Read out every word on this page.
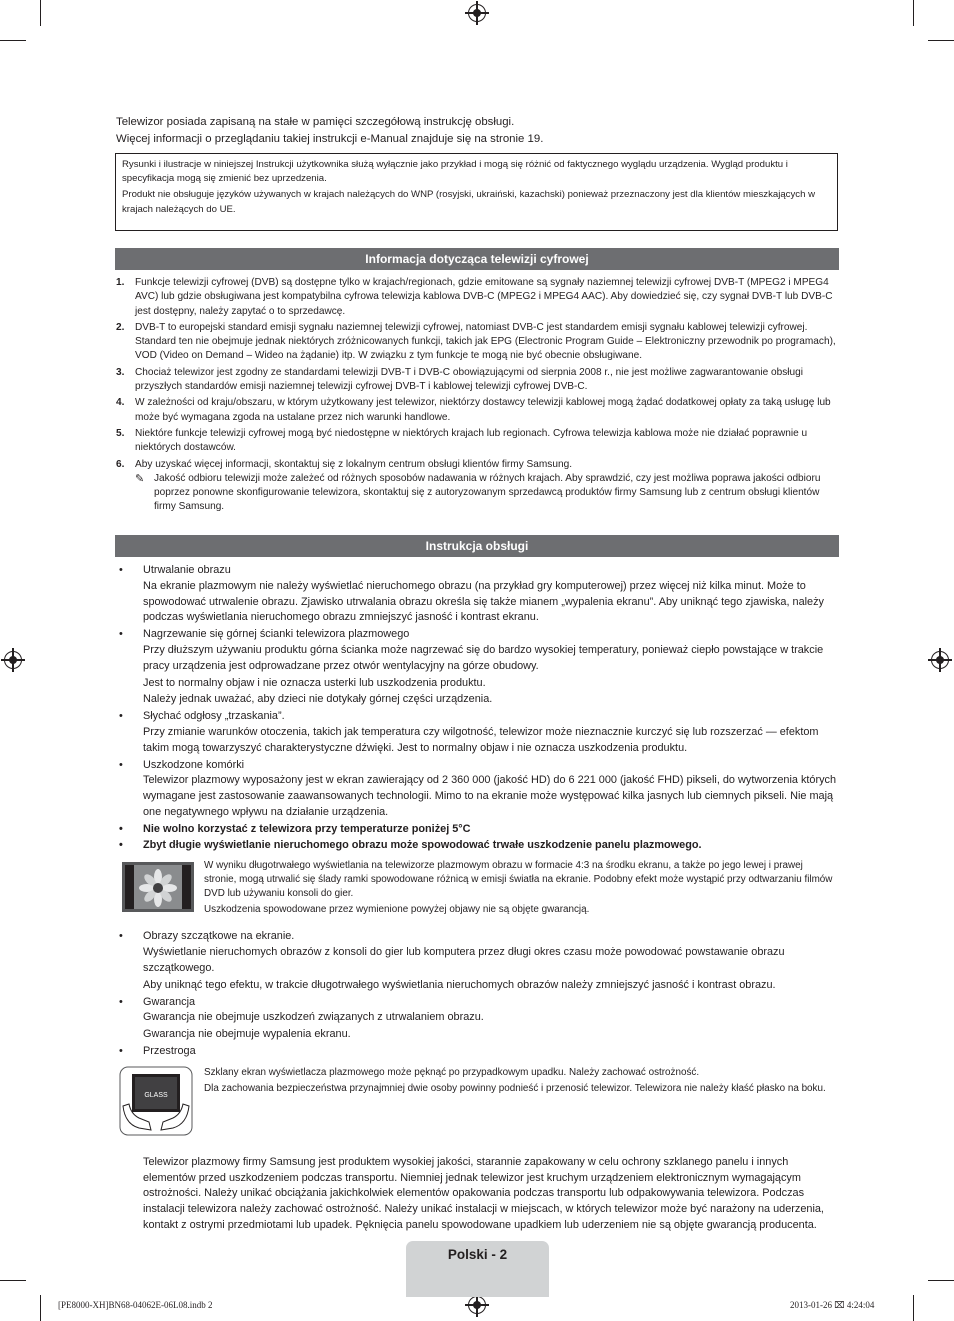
Telewizor posiada zapisaną na stałe w pamięci szczegółową instrukcję obsługi.
Więcej informacji o przeglądaniu takiej instrukcji e-Manual znajduje się na stronie 19.

Rysunki i ilustracje w niniejszej Instrukcji użytkownika służą wyłącznie jako przykład i mogą się różnić od faktycznego wyglądu urządzenia. Wygląd produktu i specyfikacja mogą się zmienić bez uprzedzenia.

Produkt nie obsługuje języków używanych w krajach należących do WNP (rosyjski, ukraiński, kazachski) ponieważ przeznaczony jest dla klientów mieszkających w krajach należących do UE.

Informacja dotycząca telewizji cyfrowej
1.	Funkcje telewizji cyfrowej (DVB) są dostępne tylko w krajach/regionach, gdzie emitowane są sygnały naziemnej telewizji cyfrowej DVB-T (MPEG2 i MPEG4 AVC) lub gdzie obsługiwana jest kompatybilna cyfrowa telewizja kablowa DVB-C (MPEG2 i MPEG4 AAC). Aby dowiedzieć się, czy sygnał DVB-T lub DVB-C jest dostępny, należy zapytać o to sprzedawcę.
2.	DVB-T to europejski standard emisji sygnału naziemnej telewizji cyfrowej, natomiast DVB-C jest standardem emisji sygnału kablowej telewizji cyfrowej. Standard ten nie obejmuje jednak niektórych zróżnicowanych funkcji, takich jak EPG (Electronic Program Guide – Elektroniczny przewodnik po programach), VOD (Video on Demand – Wideo na żądanie) itp. W związku z tym funkcje te mogą nie być obecnie obsługiwane.
3.	Chociaż telewizor jest zgodny ze standardami telewizji DVB-T i DVB-C obowiązującymi od sierpnia 2008 r., nie jest możliwe zagwarantowanie obsługi przyszłych standardów emisji naziemnej telewizji cyfrowej DVB-T i kablowej telewizji cyfrowej DVB-C.
4.	W zależności od kraju/obszaru, w którym użytkowany jest telewizor, niektórzy dostawcy telewizji kablowej mogą żądać dodatkowej opłaty za taką usługę lub może być wymagana zgoda na ustalane przez nich warunki handlowe.
5.	Niektóre funkcje telewizji cyfrowej mogą być niedostępne w niektórych krajach lub regionach. Cyfrowa telewizja kablowa może nie działać poprawnie u niektórych dostawców.
6.	Aby uzyskać więcej informacji, skontaktuj się z lokalnym centrum obsługi klientów firmy Samsung.
✎ Jakość odbioru telewizji może zależeć od różnych sposobów nadawania w różnych krajach. Aby sprawdzić, czy jest możliwa poprawa jakości odbioru poprzez ponowne skonfigurowanie telewizora, skontaktuj się z autoryzowanym sprzedawcą produktów firmy Samsung lub z centrum obsługi klientów firmy Samsung.
Instrukcja obsługi
•	Utrwalanie obrazu

Na ekranie plazmowym nie należy wyświetlać nieruchomego obrazu (na przykład gry komputerowej) przez więcej niż kilka minut. Może to spowodować utrwalenie obrazu. Zjawisko utrwalania obrazu określa się także mianem „wypalenia ekranu”. Aby uniknąć tego zjawiska, należy podczas wyświetlania nieruchomego obrazu zmniejszyć jasność i kontrast ekranu.

•	Nagrzewanie się górnej ścianki telewizora plazmowego

Przy dłuższym używaniu produktu górna ścianka może nagrzewać się do bardzo wysokiej temperatury, ponieważ ciepło powstające w trakcie pracy urządzenia jest odprowadzane przez otwór wentylacyjny na górze obudowy.

Jest to normalny objaw i nie oznacza usterki lub uszkodzenia produktu.

Należy jednak uważać, aby dzieci nie dotykały górnej części urządzenia.

•	Słychać odgłosy „trzaskania”.

Przy zmianie warunków otoczenia, takich jak temperatura czy wilgotność, telewizor może nieznacznie kurczyć się lub rozszerzać — efektom takim mogą towarzyszyć charakterystyczne dźwięki. Jest to normalny objaw i nie oznacza uszkodzenia produktu.

•	Uszkodzone komórki

Telewizor plazmowy wyposażony jest w ekran zawierający od 2 360 000 (jakość HD) do 6 221 000 (jakość FHD) pikseli, do wytworzenia których wymagane jest zastosowanie zaawansowanych technologii. Mimo to na ekranie może występować kilka jasnych lub ciemnych pikseli. Nie mają one negatywnego wpływu na działanie urządzenia.

•	Nie wolno korzystać z telewizora przy temperaturze poniżej 5°C
•	Zbyt długie wyświetlanie nieruchomego obrazu może spowodować trwałe uszkodzenie panelu plazmowego.

W wyniku długotrwałego wyświetlania na telewizorze plazmowym obrazu w formacie 4:3 na środku ekranu, a także po jego lewej i prawej stronie, mogą utrwalić się ślady ramki spowodowane różnicą w emisji światła na ekranie. Podobny efekt może wystąpić przy odtwarzaniu filmów DVD lub używaniu konsoli do gier.

Uszkodzenia spowodowane przez wymienione powyżej objawy nie są objęte gwarancją.

•	Obrazy szczątkowe na ekranie.

Wyświetlanie nieruchomych obrazów z konsoli do gier lub komputera przez długi okres czasu może powodować powstawanie obrazu szczątkowego.

Aby uniknąć tego efektu, w trakcie długotrwałego wyświetlania nieruchomych obrazów należy zmniejszyć jasność i kontrast obrazu.

•	Gwarancja

Gwarancja nie obejmuje uszkodzeń związanych z utrwalaniem obrazu.

Gwarancja nie obejmuje wypalenia ekranu.

•	Przestroga
GLASS

Szklany ekran wyświetlacza plazmowego może pęknąć po przypadkowym upadku. Należy zachować ostrożność.

Dla zachowania bezpieczeństwa przynajmniej dwie osoby powinny podnieść i przenosić telewizor. Telewizora nie należy kłaść płasko na boku.

Telewizor plazmowy firmy Samsung jest produktem wysokiej jakości, starannie zapakowany w celu ochrony szklanego panelu i innych elementów przed uszkodzeniem podczas transportu. Niemniej jednak telewizor jest kruchym urządzeniem elektronicznym wymagającym ostrożności. Należy unikać obciążania jakichkolwiek elementów opakowania podczas transportu lub odpakowywania telewizora. Podczas instalacji telewizora należy zachować ostrożność. Należy unikać instalacji w miejscach, w których telewizor może być narażony na uderzenia, kontakt z ostrymi przedmiotami lub upadek. Pęknięcia panelu spowodowane upadkiem lub uderzeniem nie są objęte gwarancją producenta.

Polski - 2
[PE8000-XH]BN68-04062E-06L08.indb 2	2013-01-26 ⌧ 4:24:04
